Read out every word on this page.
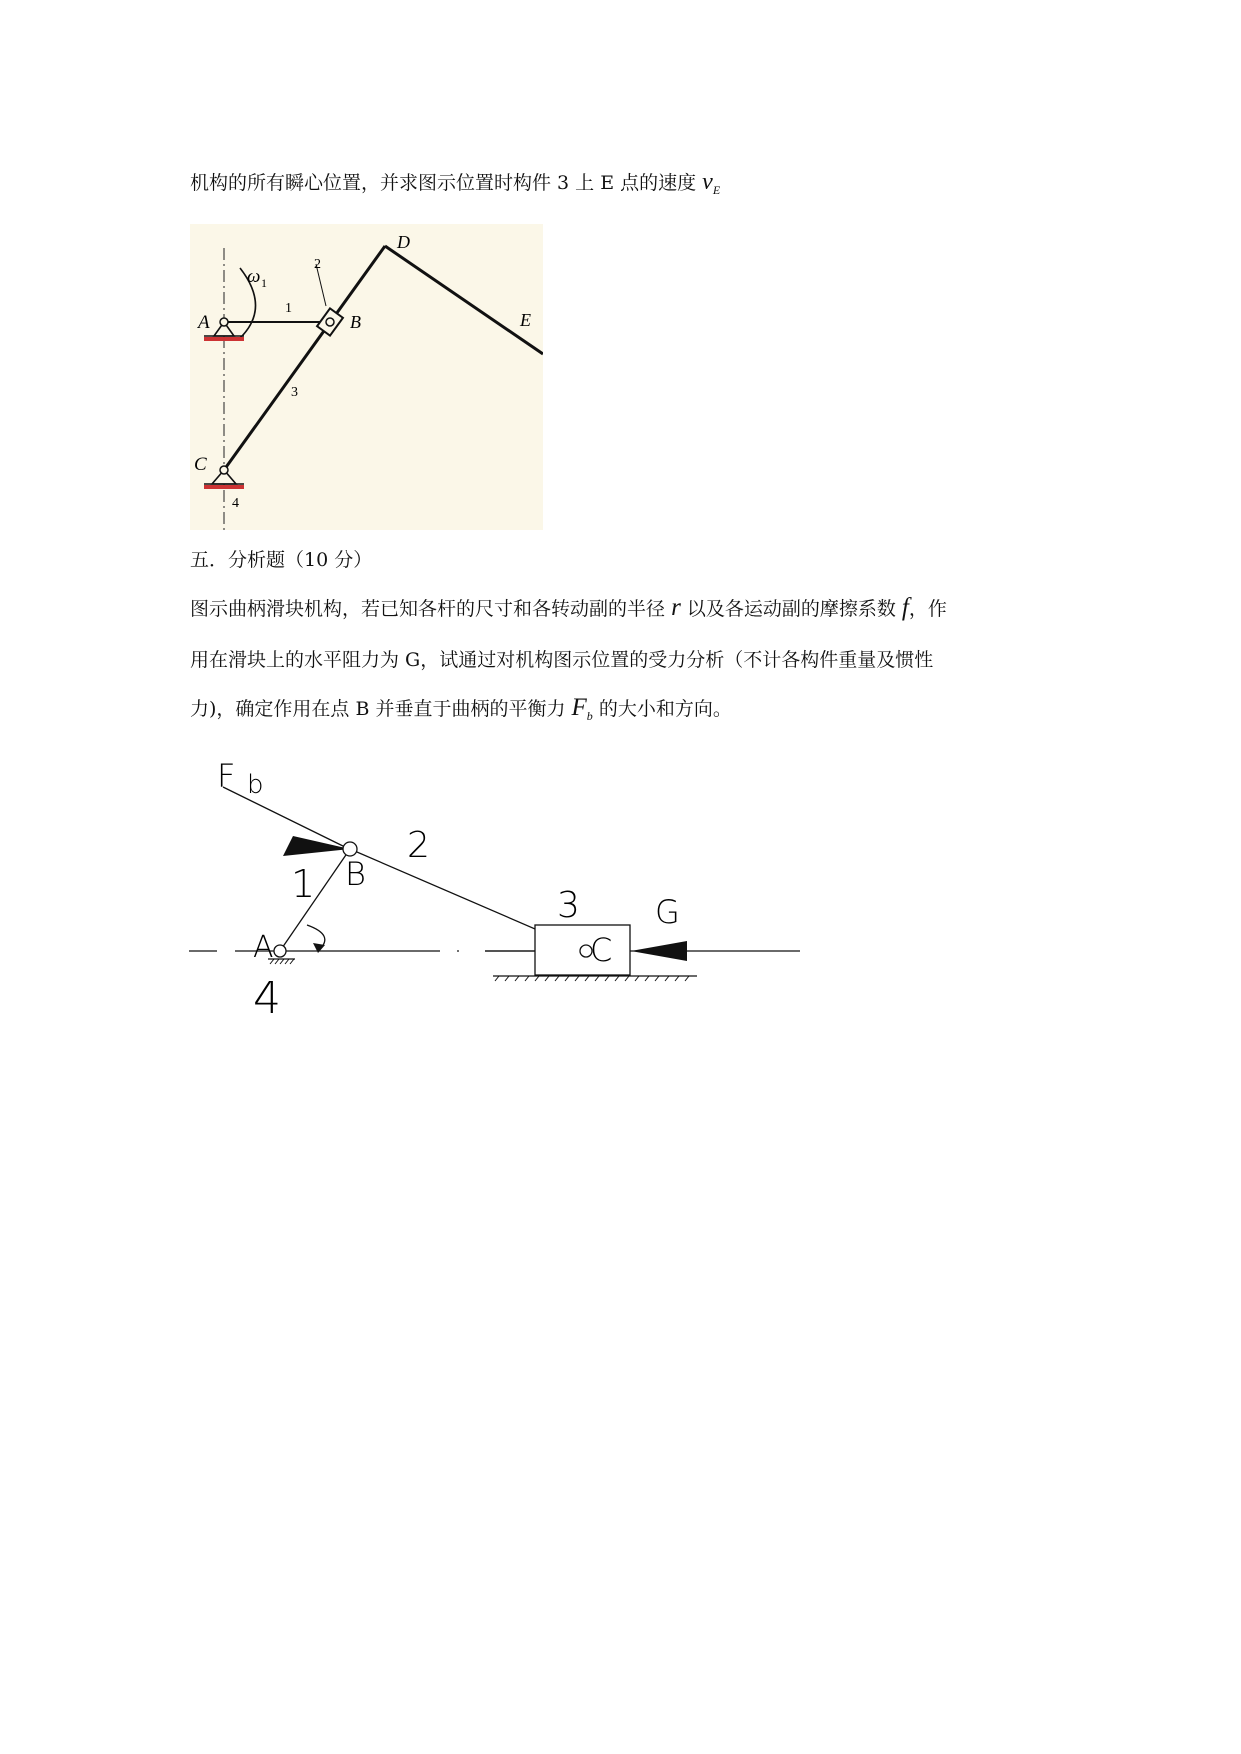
机构的所有瞬心位置，并求图示位置时构件 3 上 E 点的速度 $v_E$
A	B
C
D
E
ω 1
1
2
3
4
五．分析题（10 分）
图示曲柄滑块机构，若已知各杆的尺寸和各转动副的半径 r 以及各运动副的摩擦系数 f，作
用在滑块上的水平阻力为 G，试通过对机构图示位置的受力分析（不计各构件重量及惯性
力)，确定作用在点 B 并垂直于曲柄的平衡力 $F_b$ 的大小和方向。
F b
B
A	C
G
1
2
3
4
